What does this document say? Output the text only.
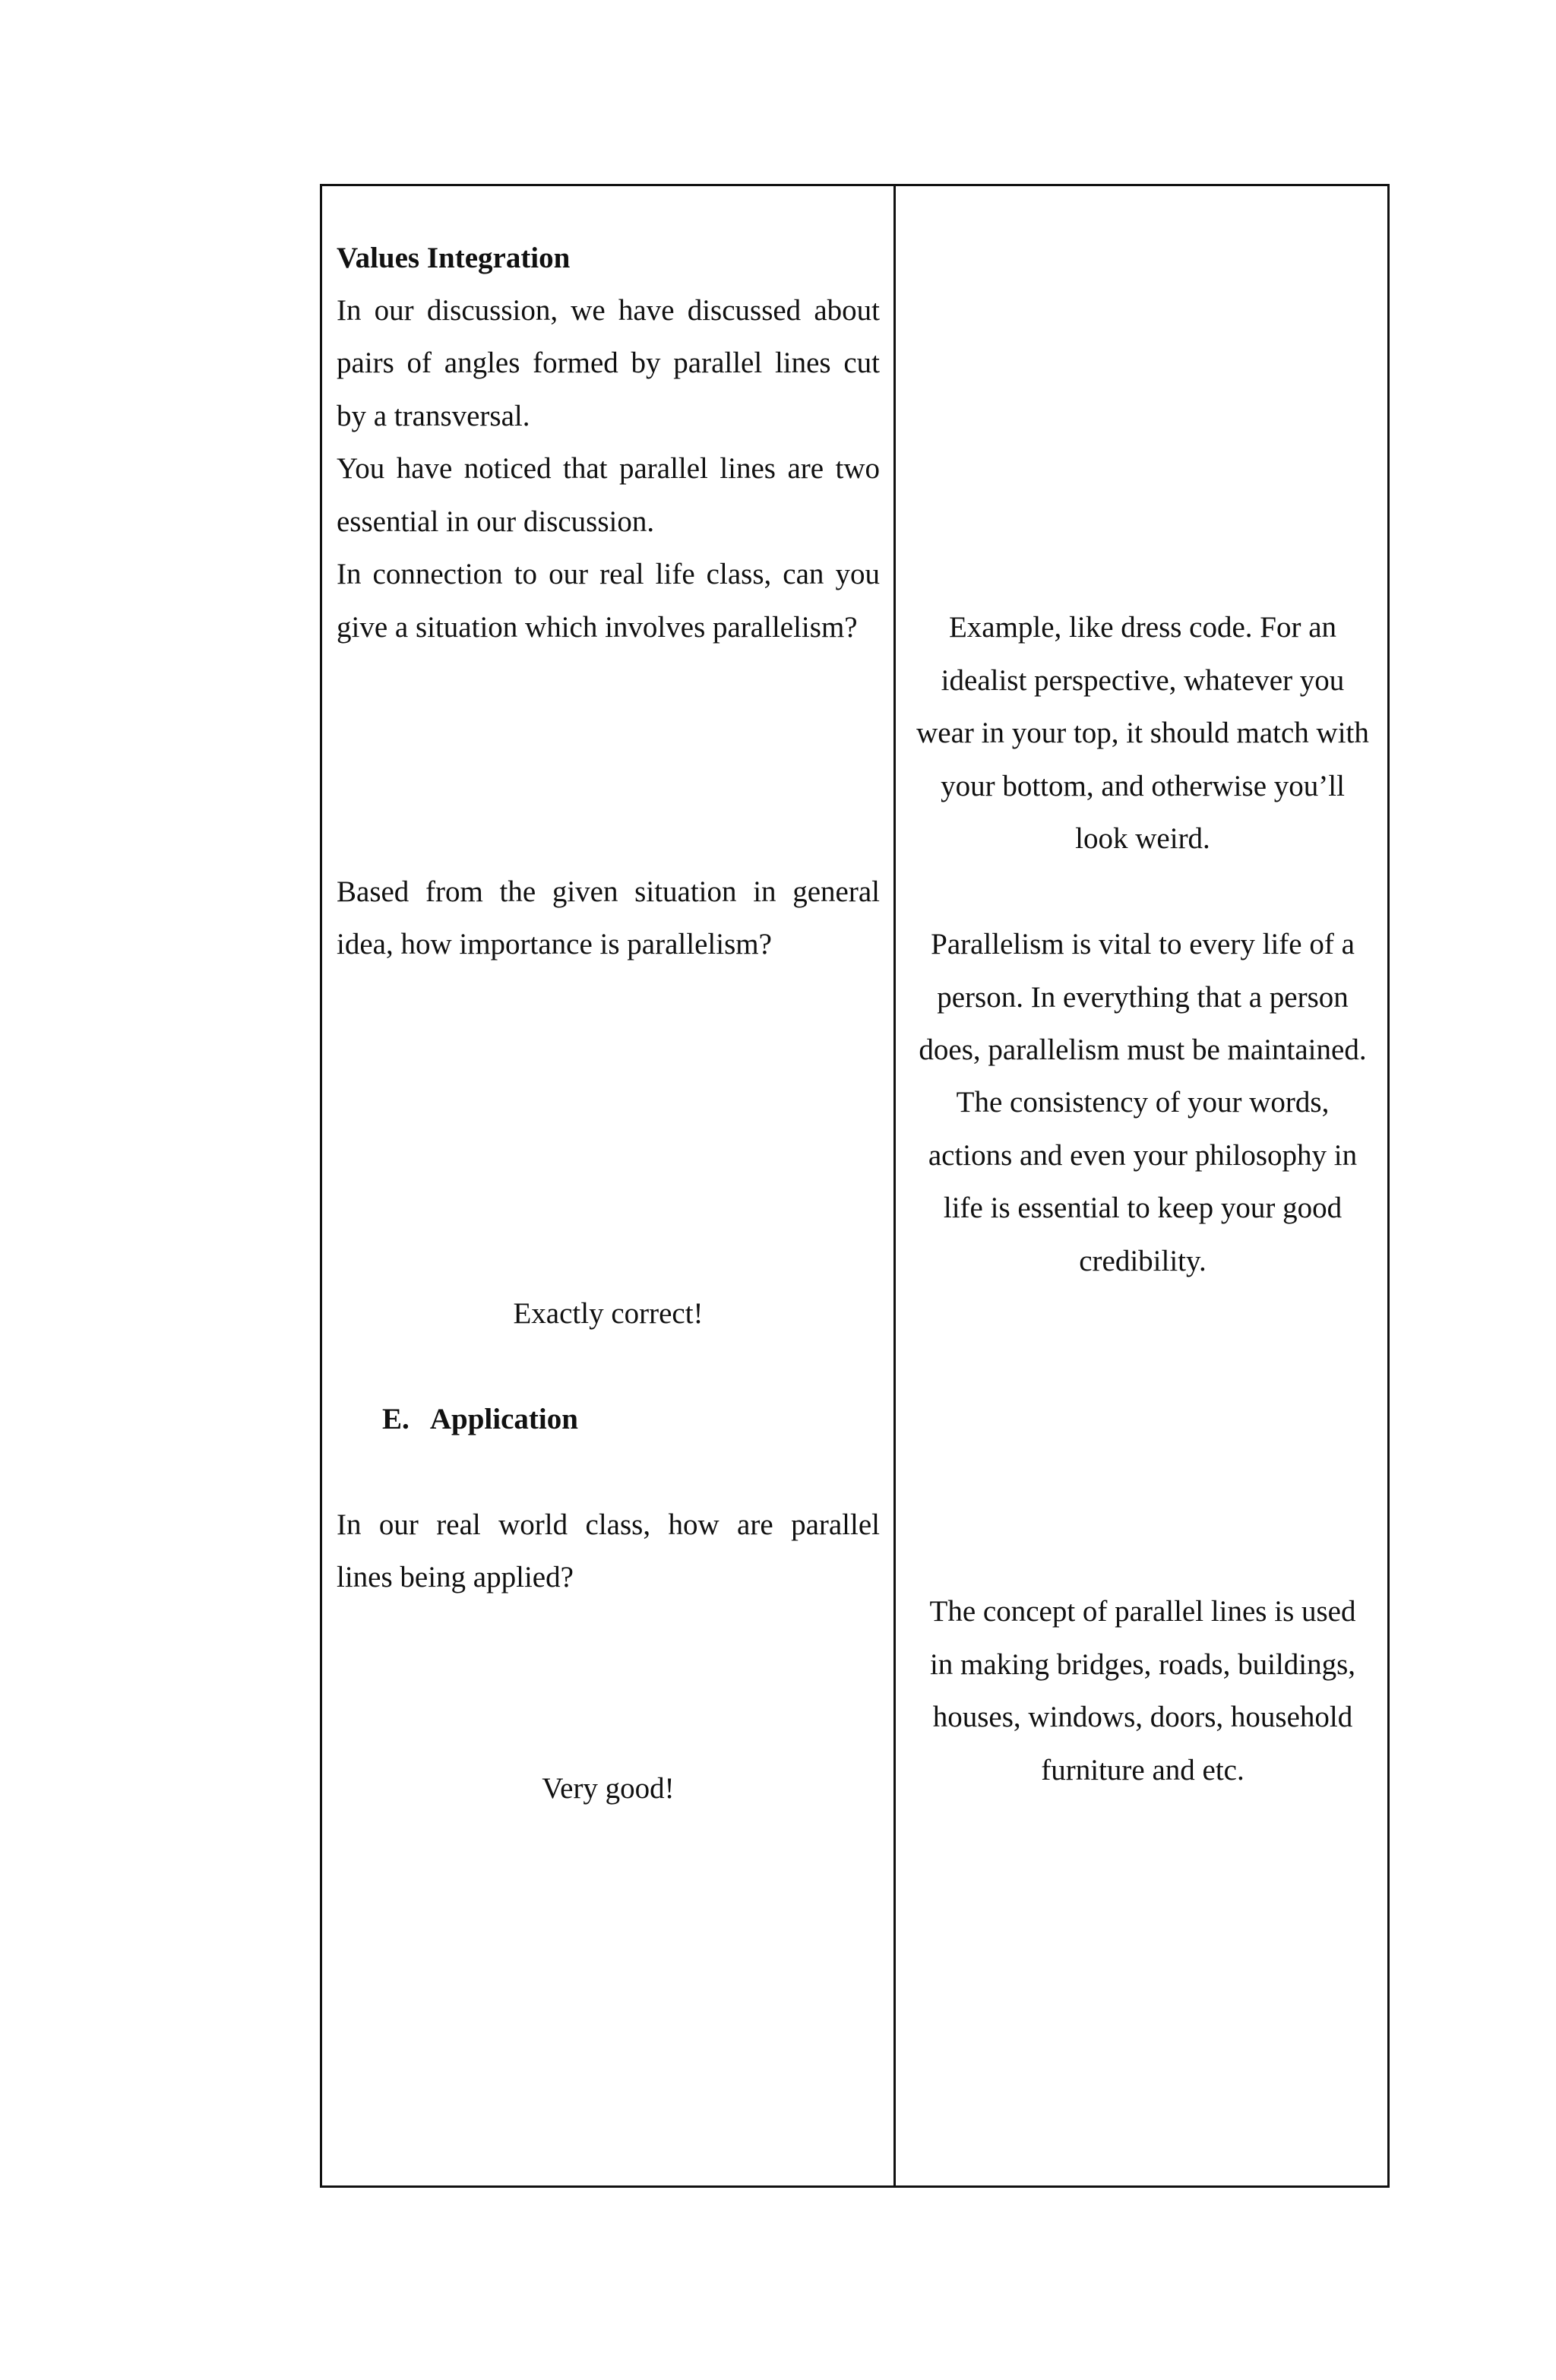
Values Integration
In our discussion, we have discussed about
pairs of angles formed by parallel lines cut
by a transversal.
You have noticed that parallel lines are two
essential in our discussion.
In connection to our real life class, can you
give a situation which involves parallelism?
Based from the given situation in general
idea, how importance is parallelism?
Exactly correct!
E.   Application
In our real world class, how are parallel
lines being applied?
Very good!
Example, like dress code. For an
idealist perspective, whatever you
wear in your top, it should match with
your bottom, and otherwise you’ll
look weird.
Parallelism is vital to every life of a
person. In everything that a person
does, parallelism must be maintained.
The consistency of your words,
actions and even your philosophy in
life is essential to keep your good
credibility.
The concept of parallel lines is used
in making bridges, roads, buildings,
houses, windows, doors, household
furniture and etc.
